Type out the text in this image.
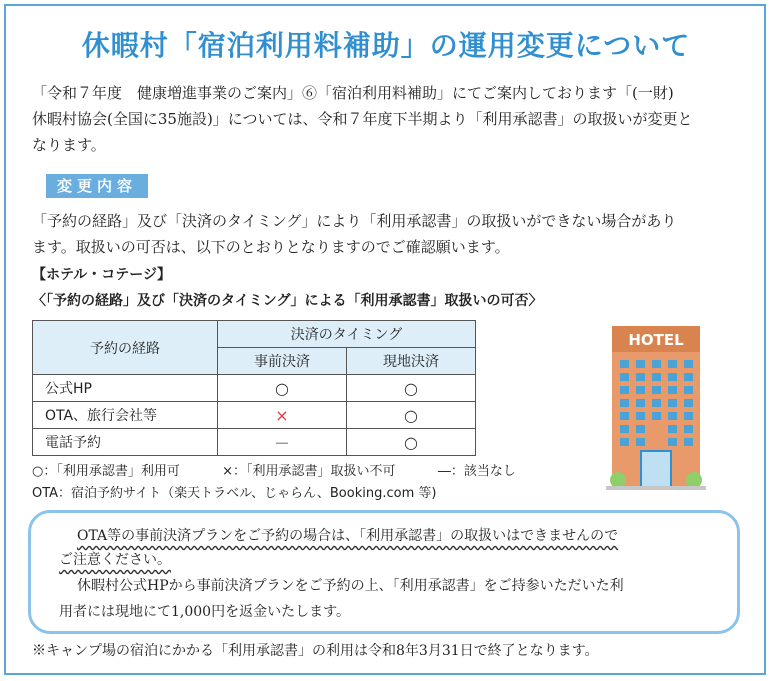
休暇村「宿泊利用料補助」の運用変更について
「令和７年度　健康増進事業のご案内」⑥「宿泊利用料補助」にてご案内しております「(一財)
休暇村協会(全国に35施設)」については、令和７年度下半期より「利用承認書」の取扱いが変更と
なります。
変更内容
「予約の経路」及び「決済のタイミング」により「利用承認書」の取扱いができない場合があり
ます。取扱いの可否は、以下のとおりとなりますのでご確認願います。
【ホテル・コテージ】
〈「予約の経路」及び「決済のタイミング」による「利用承認書」取扱いの可否〉
予約の経路	決済のタイミング	
	事前決済	現地決済
公式HP	○	○
OTA、旅行会社等	×	○
電話予約	－	○
○：「利用承認書」利用可	×：「利用承認書」取扱い不可	―：該当なし
OTA：宿泊予約サイト（楽天トラベル、じゃらん、Booking.com 等)
HOTEL
OTA等の事前決済プランをご予約の場合は、「利用承認書」の取扱いはできませんので
ご注意ください。
休暇村公式HPから事前決済プランをご予約の上、「利用承認書」をご持参いただいた利
用者には現地にて1,000円を返金いたします。
※キャンプ場の宿泊にかかる「利用承認書」の利用は令和8年3月31日で終了となります。
